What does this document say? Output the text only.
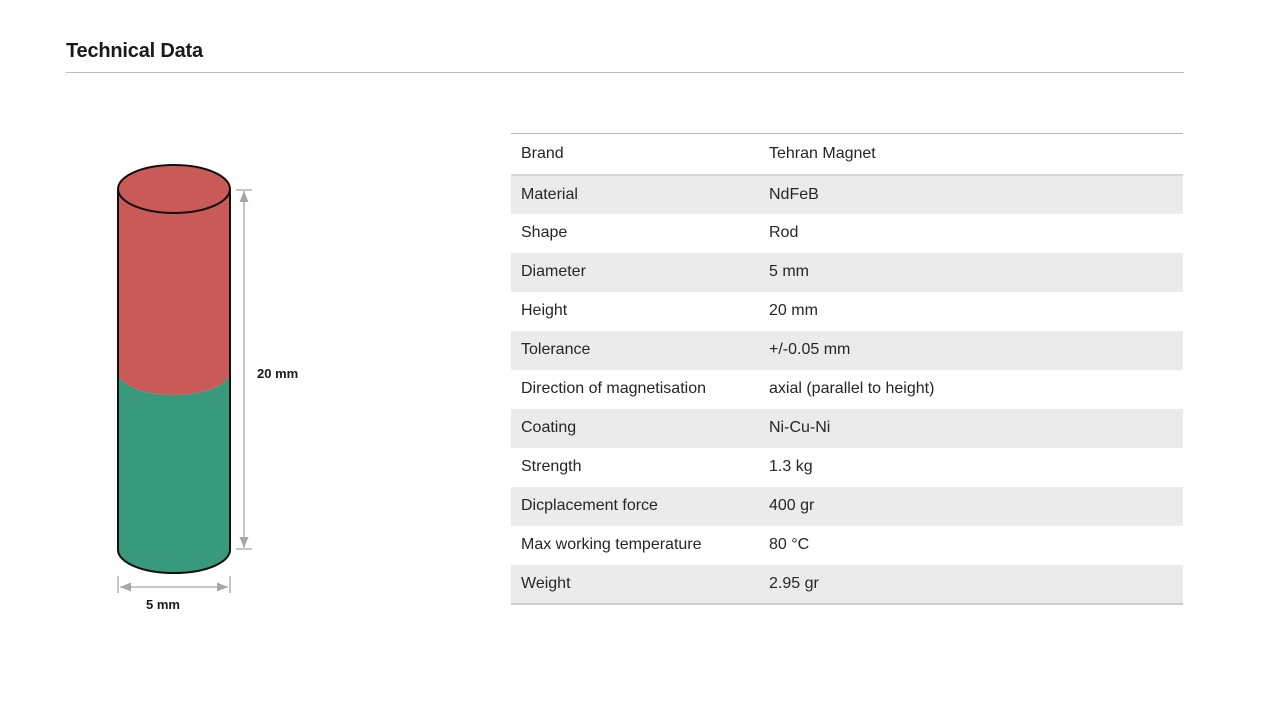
Technical Data
20 mm
5 mm
Brand	Tehran Magnet
Material	NdFeB
Shape	Rod
Diameter	5 mm
Height	20 mm
Tolerance	+/-0.05 mm
Direction of magnetisation	axial (parallel to height)
Coating	Ni-Cu-Ni
Strength	1.3 kg
Dicplacement force	400 gr
Max working temperature	80 °C
Weight	2.95 gr
